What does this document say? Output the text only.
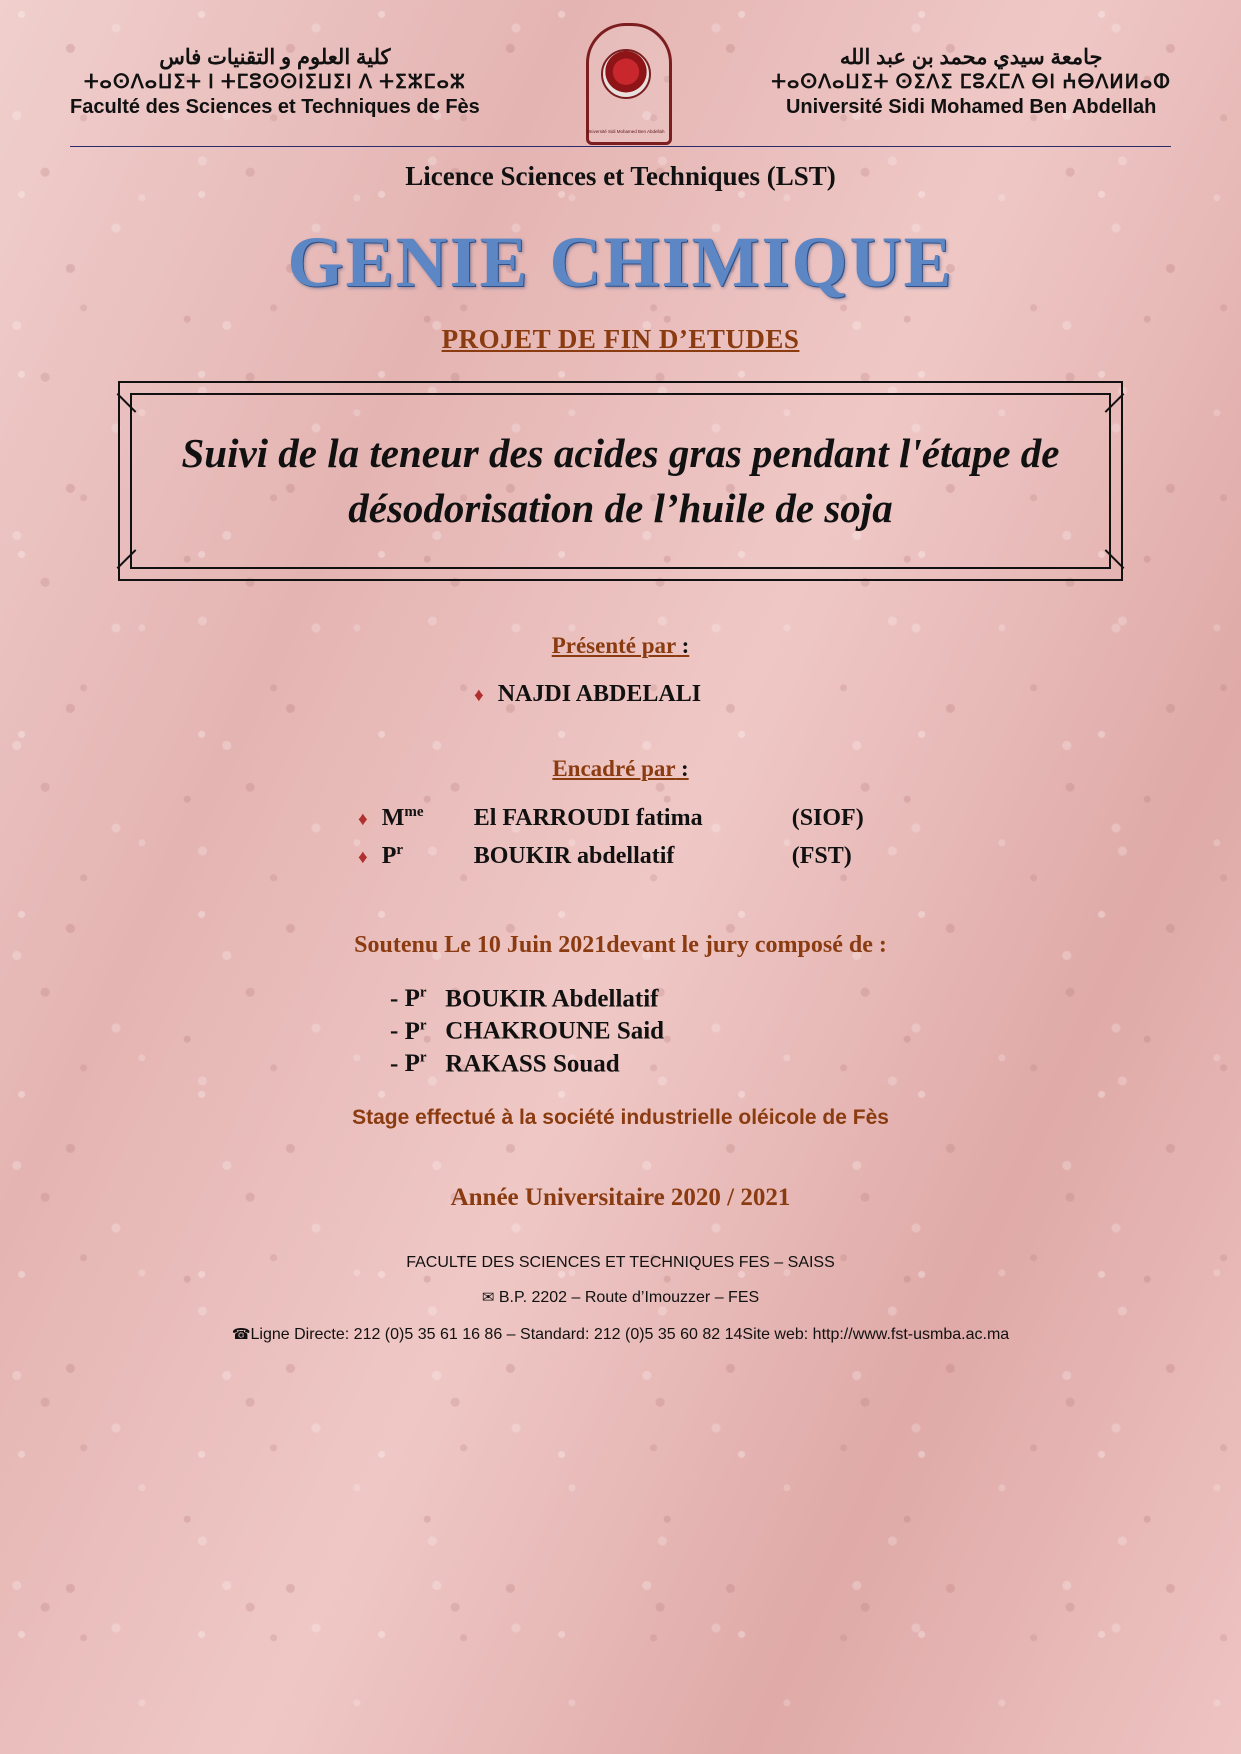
كلية العلوم و التقنيات فاس
ⵜⴰⵙⴷⴰⵡⵉⵜ ⵏ ⵜⵎⵓⵙⵙⵏⵉⵡⵉⵏ ⴷ ⵜⵉⵣⵎⴰⵣ
Faculté des Sciences et Techniques de Fès
Université Sidi Mohamed Ben Abdellah
جامعة سيدي محمد بن عبد الله
ⵜⴰⵙⴷⴰⵡⵉⵜ ⵙⵉⴷⵉ ⵎⵓⵃⵎⴷ ⴱⵏ ⵄⴱⴷⵍⵍⴰⵀ
Université Sidi Mohamed Ben Abdellah
Licence Sciences et Techniques (LST)
GENIE CHIMIQUE
PROJET DE FIN D’ETUDES
Suivi de la teneur des acides gras pendant l'étape de désodorisation de l’huile de soja
Présenté par :
♦ NAJDI ABDELALI
Encadré par :
♦ $M^{me}$	El FARROUDI fatima	(SIOF)
♦ $P^r$	BOUKIR abdellatif	(FST)
Soutenu Le 10 Juin 2021devant le jury composé de :
- $P^r$ BOUKIR Abdellatif
- $P^r$ CHAKROUNE Said
- $P^r$ RAKASS Souad
Stage effectué à la société industrielle oléicole de Fès
Année Universitaire 2020 / 2021
FACULTE DES SCIENCES ET TECHNIQUES FES – SAISS
✉ B.P. 2202 – Route d’Imouzzer – FES
☎Ligne Directe: 212 (0)5 35 61 16 86 – Standard: 212 (0)5 35 60 82 14Site web: http://www.fst-usmba.ac.ma
